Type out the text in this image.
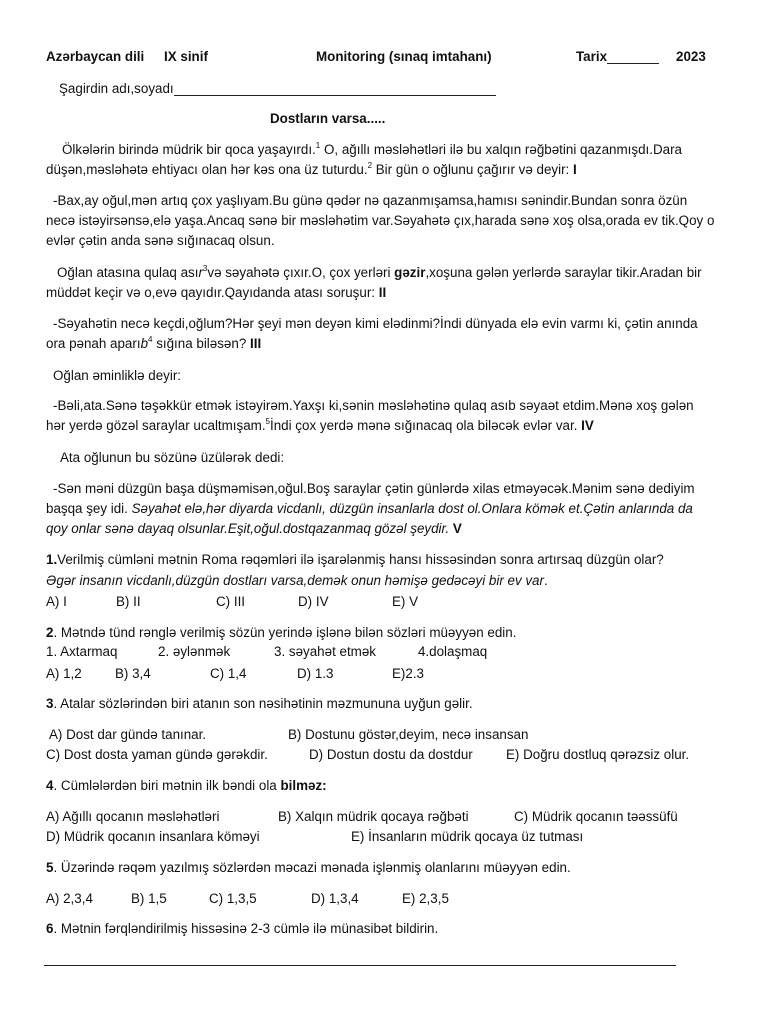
Azərbaycan dili IX sinif	Monitoring (sınaq imtahanı)	Tarix	2023
Şagirdin adı,soyadı
Dostların varsa.....
Ölkələrin birində müdrik bir qoca yaşayırdı.$^1$ O, ağıllı məsləhətləri ilə bu xalqın rəğbətini qazanmışdı.Dara
düşən,məsləhətə ehtiyacı olan hər kəs ona üz tuturdu.$^2$ Bir gün o oğlunu çağırır və deyir: I
-Bax,ay oğul,mən artıq çox yaşlıyam.Bu günə qədər nə qazanmışamsa,hamısı sənindir.Bundan sonra özün
necə istəyirsənsə,elə yaşa.Ancaq sənə bir məsləhətim var.Səyahətə çıx,harada sənə xoş olsa,orada ev tik.Qoy o
evlər çətin anda sənə sığınacaq olsun.
Oğlan atasına qulaq asır$^3$və səyahətə çıxır.O, çox yerləri gəzir,xoşuna gələn yerlərdə saraylar tikir.Aradan bir
müddət keçir və o,evə qayıdır.Qayıdanda atası soruşur: II
-Səyahətin necə keçdi,oğlum?Hər şeyi mən deyən kimi elədinmi?İndi dünyada elə evin varmı ki, çətin anında
ora pənah aparıb$^4$ sığına biləsən? III
Oğlan əminliklə deyir:
-Bəli,ata.Sənə təşəkkür etmək istəyirəm.Yaxşı ki,sənin məsləhətinə qulaq asıb səyaət etdim.Mənə xoş gələn
hər yerdə gözəl saraylar ucaltmışam.$^5$İndi çox yerdə mənə sığınacaq ola biləcək evlər var. IV
Ata oğlunun bu sözünə üzülərək dedi:
-Sən məni düzgün başa düşməmisən,oğul.Boş saraylar çətin günlərdə xilas etməyəcək.Mənim sənə dediyim
başqa şey idi. Səyahət elə,hər diyarda vicdanlı, düzgün insanlarla dost ol.Onlara kömək et.Çətin anlarında da
qoy onlar sənə dayaq olsunlar.Eşit,oğul.dostqazanmaq gözəl şeydir. V
1.Verilmiş cümləni mətnin Roma rəqəmləri ilə işarələnmiş hansı hissəsindən sonra artırsaq düzgün olar?
Əgər insanın vicdanlı,düzgün dostları varsa,demək onun həmişə gedəcəyi bir ev var.
A) I	B) II	C) III	D) IV	E) V
2. Mətndə tünd rənglə verilmiş sözün yerində işlənə bilən sözləri müəyyən edin.
1. Axtarmaq	2. əylənmək	3. səyahət etmək	4.dolaşmaq
A) 1,2 B) 3,4	C) 1,4	D) 1.3	E)2.3
3. Atalar sözlərindən biri atanın son nəsihətinin məzmununa uyğun gəlir.
A) Dost dar gündə tanınar.	B) Dostunu göstər,deyim, necə insansan
C) Dost dosta yaman gündə gərəkdir.	D) Dostun dostu da dostdur E) Doğru dostluq qərəzsiz olur.
4. Cümlələrdən biri mətnin ilk bəndi ola bilməz:
A) Ağıllı qocanın məsləhətləri	B) Xalqın müdrik qocaya rəğbəti	C) Müdrik qocanın təəssüfü
D) Müdrik qocanın insanlara köməyi	E) İnsanların müdrik qocaya üz tutması
5. Üzərində rəqəm yazılmış sözlərdən məcazi mənada işlənmiş olanlarını müəyyən edin.
A) 2,3,4	B) 1,5	C) 1,3,5	D) 1,3,4	E) 2,3,5
6. Mətnin fərqləndirilmiş hissəsinə 2-3 cümlə ilə münasibət bildirin.
